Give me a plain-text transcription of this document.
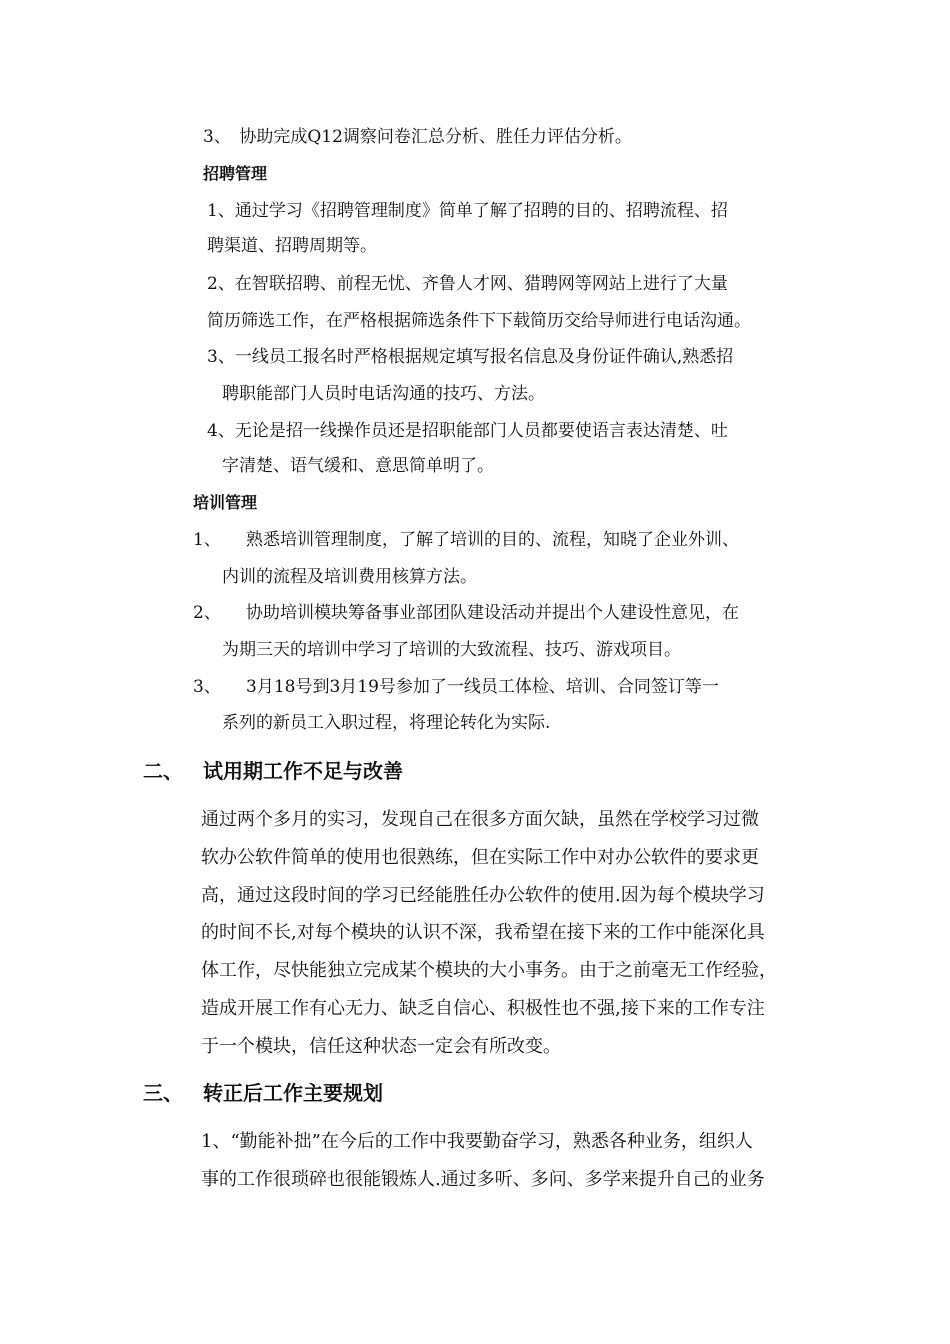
3、　协助完成Q12调察问卷汇总分析、胜任力评估分析。
招聘管理
1、通过学习《招聘管理制度》简单了解了招聘的目的、招聘流程、招
聘渠道、招聘周期等。
2、在智联招聘、前程无忧、齐鲁人才网、猎聘网等网站上进行了大量
简历筛选工作，在严格根据筛选条件下下载简历交给导师进行电话沟通。
3、一线员工报名时严格根据规定填写报名信息及身份证件确认,熟悉招
聘职能部门人员时电话沟通的技巧、方法。
4、无论是招一线操作员还是招职能部门人员都要使语言表达清楚、吐
字清楚、语气缓和、意思简单明了。
培训管理
1、 熟悉培训管理制度，了解了培训的目的、流程，知晓了企业外训、
内训的流程及培训费用核算方法。
2、 协助培训模块筹备事业部团队建设活动并提出个人建设性意见，在
为期三天的培训中学习了培训的大致流程、技巧、游戏项目。
3、 3月18号到3月19号参加了一线员工体检、培训、合同签订等一
系列的新员工入职过程，将理论转化为实际.
二、 试用期工作不足与改善
通过两个多月的实习，发现自己在很多方面欠缺，虽然在学校学习过微
软办公软件简单的使用也很熟练，但在实际工作中对办公软件的要求更
高，通过这段时间的学习已经能胜任办公软件的使用.因为每个模块学习
的时间不长,对每个模块的认识不深，我希望在接下来的工作中能深化具
体工作，尽快能独立完成某个模块的大小事务。由于之前毫无工作经验，
造成开展工作有心无力、缺乏自信心、积极性也不强,接下来的工作专注
于一个模块，信任这种状态一定会有所改变。
三、 转正后工作主要规划
1、“勤能补拙”在今后的工作中我要勤奋学习，熟悉各种业务，组织人
事的工作很琐碎也很能锻炼人.通过多听、多问、多学来提升自己的业务
